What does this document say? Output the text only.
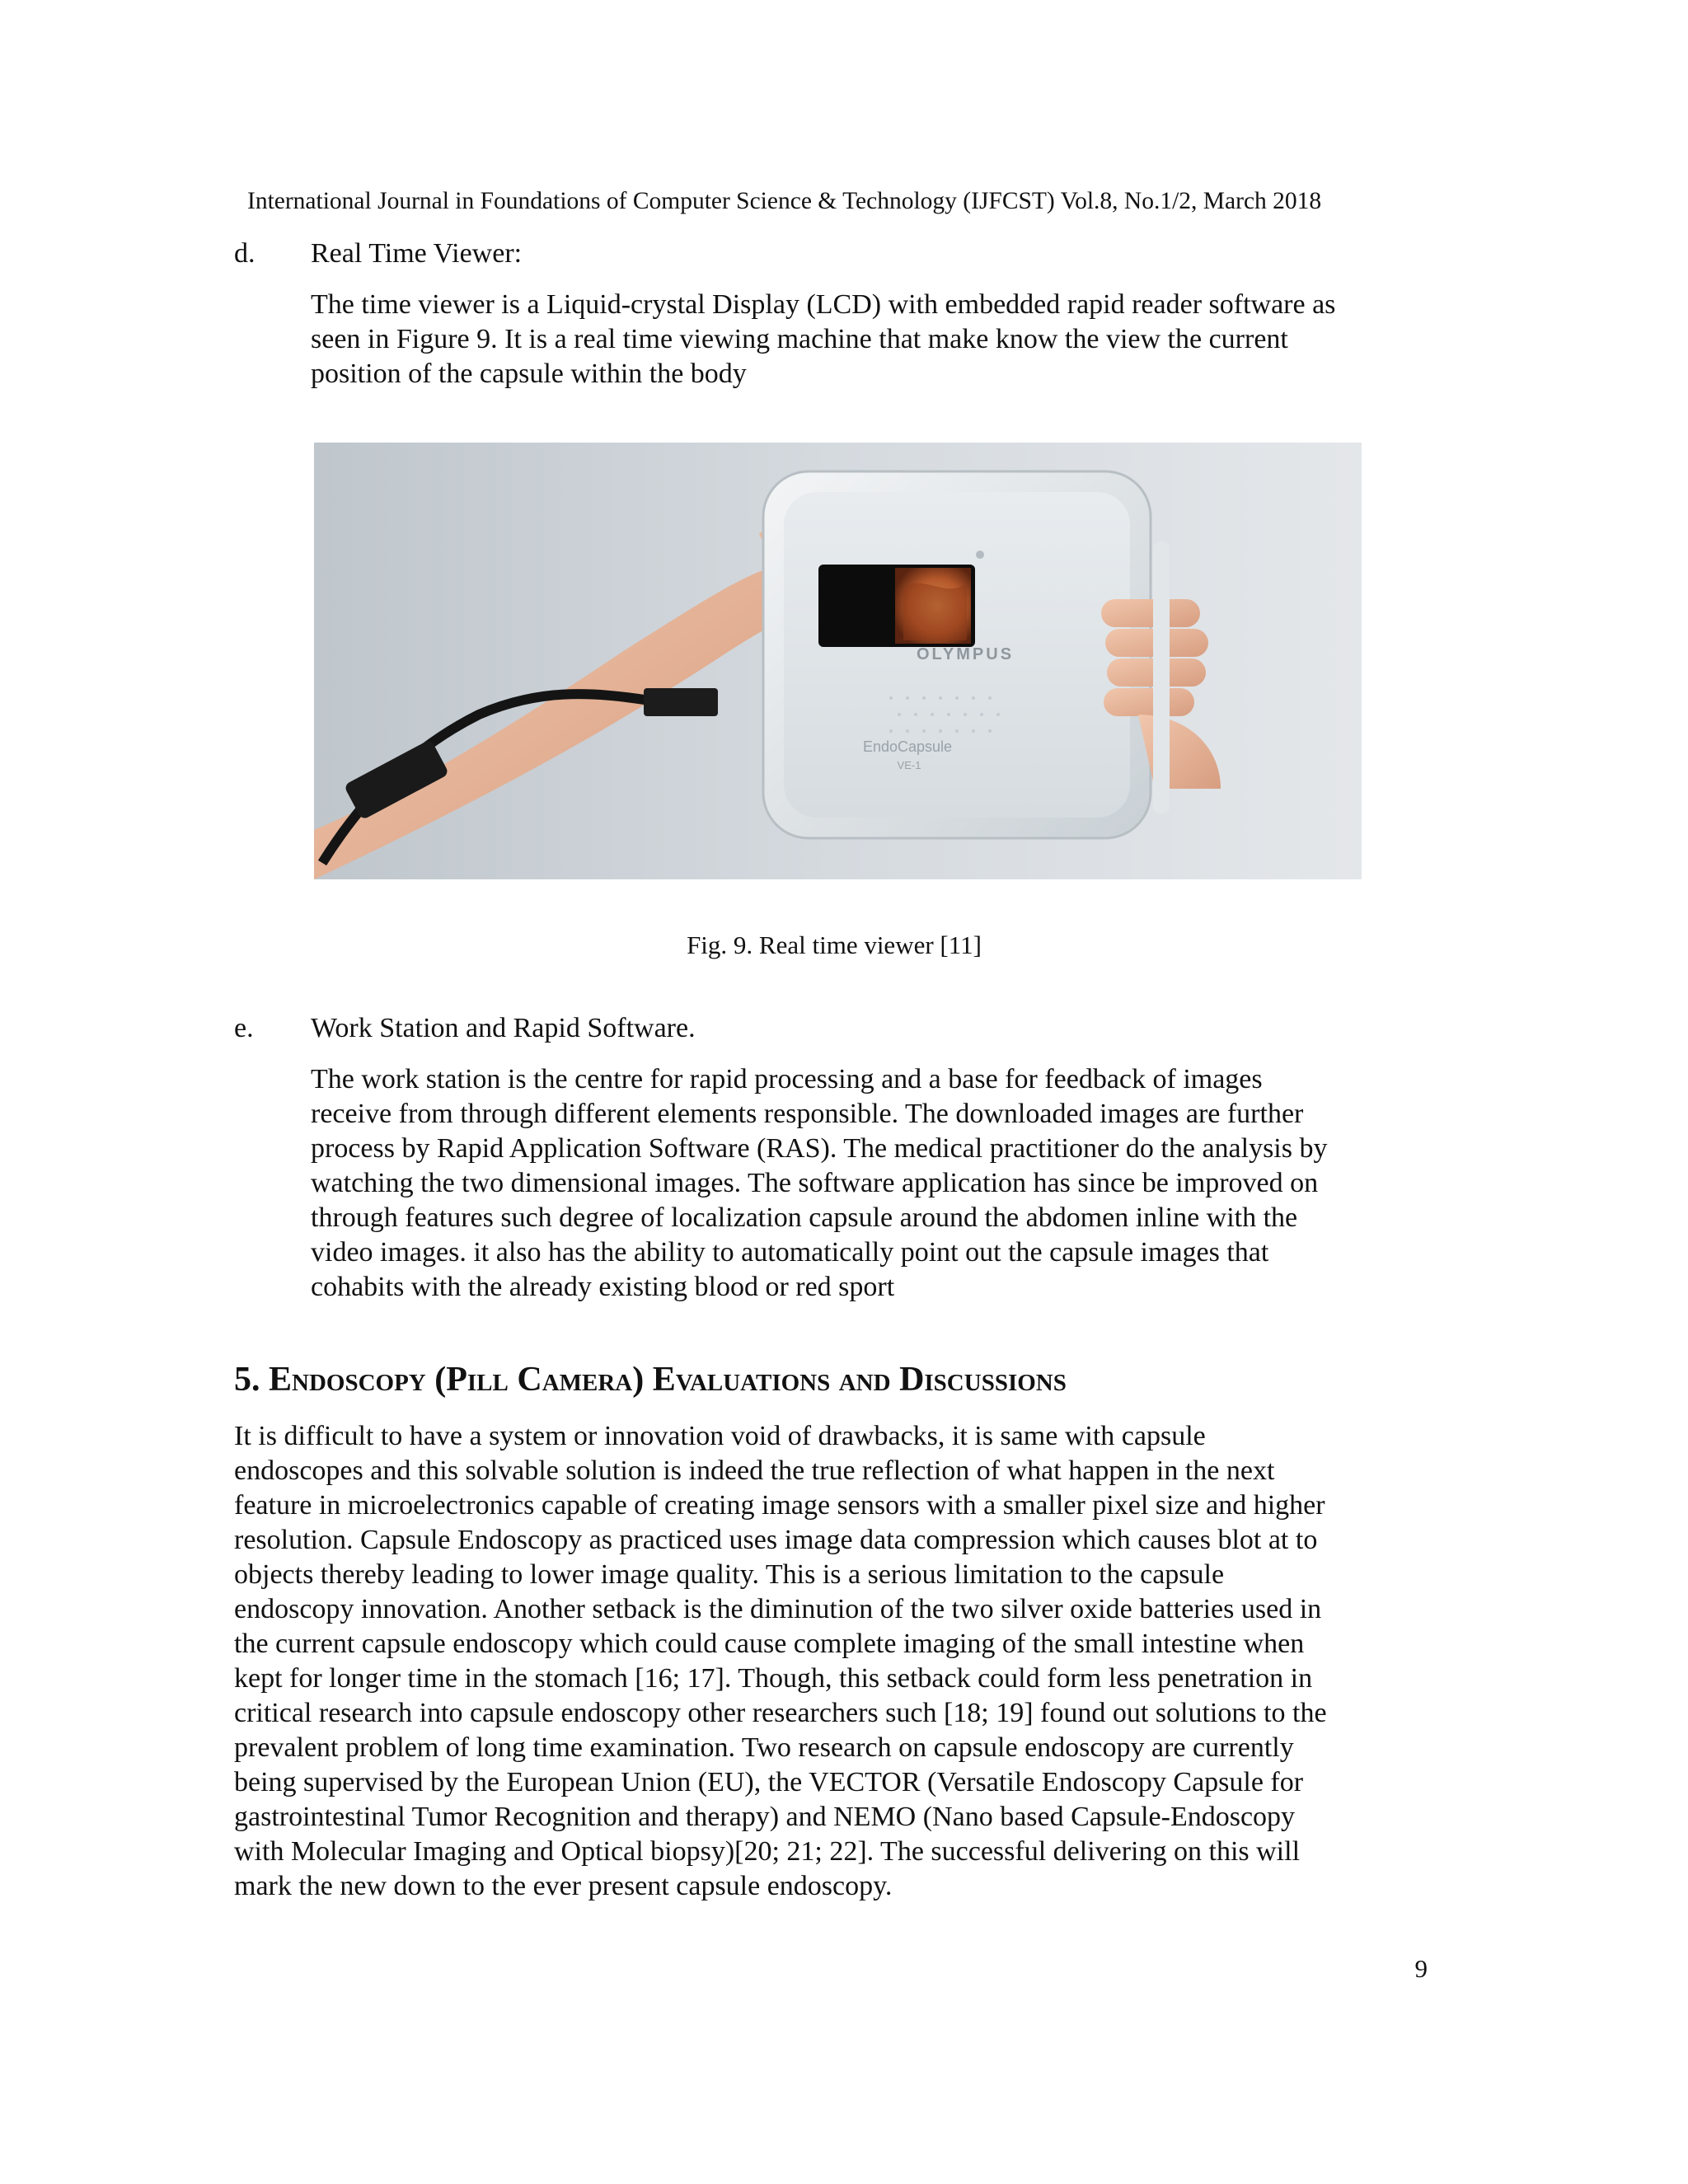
International Journal in Foundations of Computer Science & Technology (IJFCST) Vol.8, No.1/2, March 2018
d. Real Time Viewer:

The time viewer is a Liquid-crystal Display (LCD) with embedded rapid reader software as

seen in Figure 9. It is a real time viewing machine that make know the view the current

position of the capsule within the body

OLYMPUS
EndoCapsule
VE-1
Fig. 9. Real time viewer [11]
e. Work Station and Rapid Software.

The work station is the centre for rapid processing and a base for feedback of images

receive from through different elements responsible. The downloaded images are further

process by Rapid Application Software (RAS). The medical practitioner do the analysis by

watching the two dimensional images. The software application has since be improved on

through features such degree of localization capsule around the abdomen inline with the

video images. it also has the ability to automatically point out the capsule images that

cohabits with the already existing blood or red sport

5. Endoscopy (Pill Camera) Evaluations and Discussions

It is difficult to have a system or innovation void of drawbacks, it is same with capsule

endoscopes and this solvable solution is indeed the true reflection of what happen in the next

feature in microelectronics capable of creating image sensors with a smaller pixel size and higher

resolution. Capsule Endoscopy as practiced uses image data compression which causes blot at to

objects thereby leading to lower image quality. This is a serious limitation to the capsule

endoscopy innovation. Another setback is the diminution of the two silver oxide batteries used in

the current capsule endoscopy which could cause complete imaging of the small intestine when

kept for longer time in the stomach [16; 17]. Though, this setback could form less penetration in

critical research into capsule endoscopy other researchers such [18; 19] found out solutions to the

prevalent problem of long time examination. Two research on capsule endoscopy are currently

being supervised by the European Union (EU), the VECTOR (Versatile Endoscopy Capsule for

gastrointestinal Tumor Recognition and therapy) and NEMO (Nano based Capsule-Endoscopy

with Molecular Imaging and Optical biopsy)[20; 21; 22]. The successful delivering on this will

mark the new down to the ever present capsule endoscopy.

9
